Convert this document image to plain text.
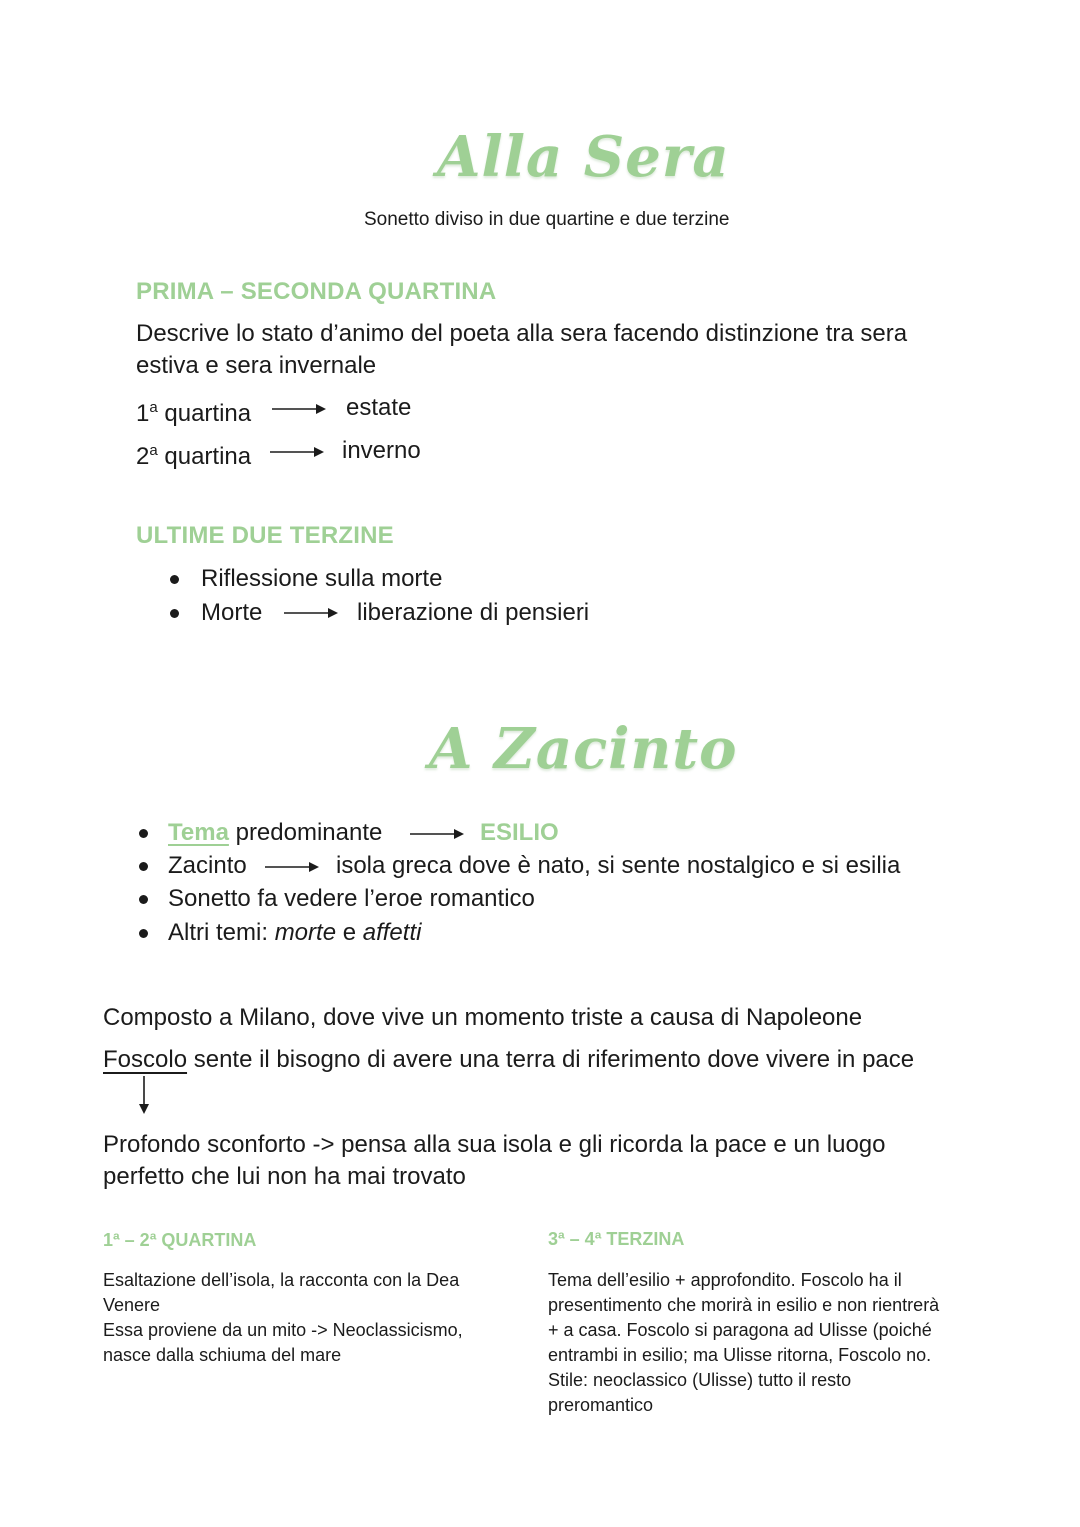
Alla Sera
Sonetto diviso in due quartine e due terzine
PRIMA – SECONDA QUARTINA
Descrive lo stato d’animo del poeta alla sera facendo distinzione tra sera estiva e sera invernale
1$^a$ quartina	estate
2$^a$ quartina	inverno
ULTIME DUE TERZINE
Riflessione sulla morte
Morte	liberazione di pensieri
A Zacinto
Tema predominante	ESILIO
Zacinto	isola greca dove è nato, si sente nostalgico e si esilia
Sonetto fa vedere l’eroe romantico
Altri temi: morte e affetti
Composto a Milano, dove vive un momento triste a causa di Napoleone
Foscolo sente il bisogno di avere una terra di riferimento dove vivere in pace
Profondo sconforto -> pensa alla sua isola e gli ricorda la pace e un luogo perfetto che lui non ha mai trovato
1ª – 2ª QUARTINA
Esaltazione dell’isola, la racconta con la Dea Venere
Essa proviene da un mito -> Neoclassicismo, nasce dalla schiuma del mare
3ª – 4ª TERZINA
Tema dell’esilio + approfondito. Foscolo ha il presentimento che morirà in esilio e non rientrerà + a casa. Foscolo si paragona ad Ulisse (poiché entrambi in esilio; ma Ulisse ritorna, Foscolo no.
Stile: neoclassico (Ulisse) tutto il resto preromantico
